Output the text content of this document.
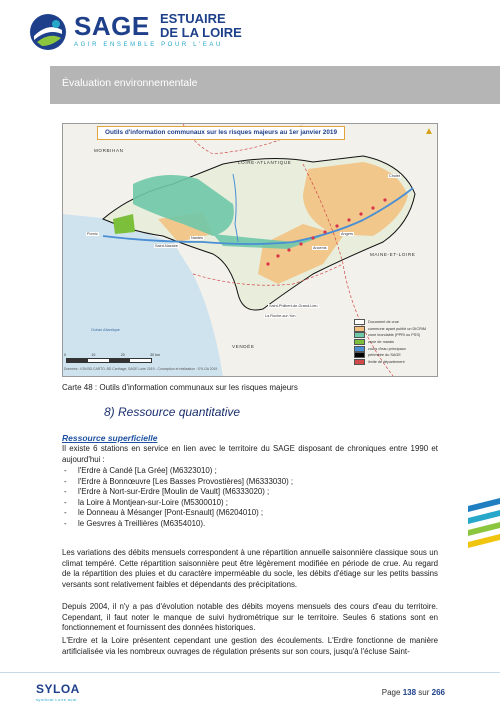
SAGE ESTUAIRE
DE LA LOIRE
AGIR ENSEMBLE POUR L'EAU
Évaluation environnementale
Outils d'information communaux sur les risques majeurs au 1er janvier 2019	▲
MORBIHAN
LOIRE-ATLANTIQUE
MAINE-ET-LOIRE
VENDÉE
Pornic
Saint-Philbert-de-Grand-Lieu
La Roche-sur-Yon
Cholet
Ancenis
Nantes
Angers
Saint-Nazaire
Océan Atlantique
Document de crue
commune ayant publié un DICRIM
zone inondable (PPRI ou PSS)
zone de marais
cours d'eau principaux
périmètre du SAGE
limite de département
0	10	20	30 km
Données : IGN BD CARTO, BD Carthage, SAGE Loire 2019 - Conception et réalisation : SYLOA 2019
Carte 48 : Outils d'information communaux sur les risques majeurs
8) Ressource quantitative
Ressource superficielle
Il existe 6 stations en service en lien avec le territoire du SAGE disposant de chroniques entre 1990 et aujourd'hui :
- l'Erdre à Candé [La Grée] (M6323010) ;
- l'Erdre à Bonnœuvre [Les Basses Provostières] (M6333030) ;
- l'Erdre à Nort-sur-Erdre [Moulin de Vault] (M6333020) ;
- la Loire à Montjean-sur-Loire (M5300010) ;
- le Donneau à Mésanger [Pont-Esnault] (M6204010) ;
- le Gesvres à Treillières (M6354010).
Les variations des débits mensuels correspondent à une répartition annuelle saisonnière classique sous un climat tempéré. Cette répartition saisonnière peut être légèrement modifiée en période de crue. Au regard de la répartition des pluies et du caractère imperméable du socle, les débits d'étiage sur les petits bassins versants sont relativement faibles et dépendants des précipitations.
Depuis 2004, il n'y a pas d'évolution notable des débits moyens mensuels des cours d'eau du territoire. Cependant, il faut noter le manque de suivi hydrométrique sur le territoire. Seules 6 stations sont en fonctionnement et fournissent des données historiques.
L'Erdre et la Loire présentent cependant une gestion des écoulements. L'Erdre fonctionne de manière artificialisée via les nombreux ouvrages de régulation présents sur son cours, jusqu'à l'écluse Saint-
SYLOA
syndicat Loire aval
Page 138 sur 266
